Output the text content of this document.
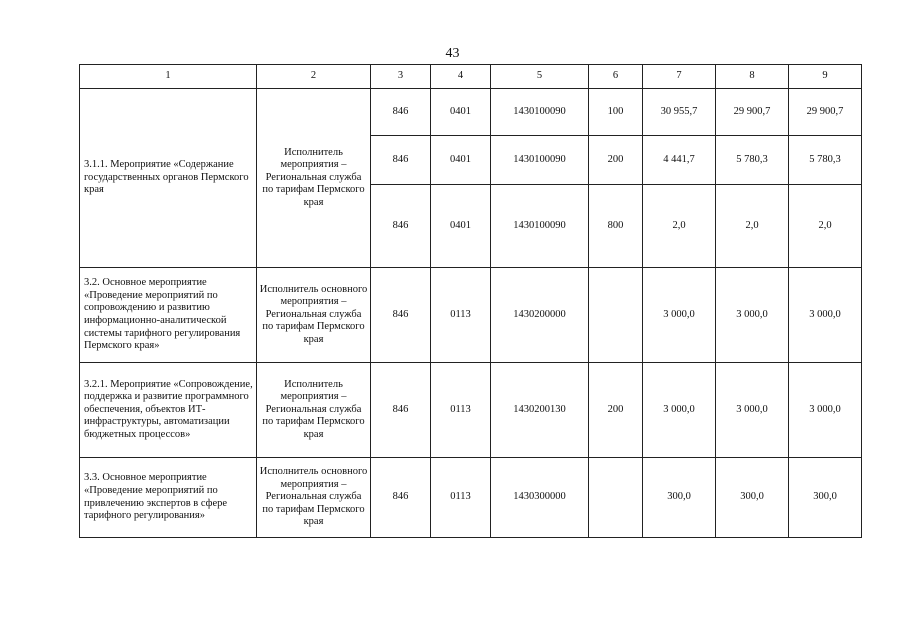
43
1	2	3	4	5	6	7	8	9
3.1.1. Мероприятие «Содержание государственных органов Пермского края	Исполнитель мероприятия – Региональная служба по тарифам Пермского края	846	0401	1430100090	100	30 955,7	29 900,7	29 900,7
		846	0401	1430100090	200	4 441,7	5 780,3	5 780,3
		846	0401	1430100090	800	2,0	2,0	2,0
3.2. Основное мероприятие «Проведение мероприятий по сопровождению и развитию информационно-аналитической системы тарифного регулирования Пермского края»	Исполнитель основного мероприятия – Региональная служба по тарифам Пермского края	846	0113	1430200000		3 000,0	3 000,0	3 000,0
3.2.1. Мероприятие «Сопровождение, поддержка и развитие программного обеспечения, объектов ИТ-инфраструктуры, автоматизации бюджетных процессов»	Исполнитель мероприятия – Региональная служба по тарифам Пермского края	846	0113	1430200130	200	3 000,0	3 000,0	3 000,0
3.3. Основное мероприятие «Проведение мероприятий по привлечению экспертов в сфере тарифного регулирования»	Исполнитель основного мероприятия – Региональная служба по тарифам Пермского края	846	0113	1430300000		300,0	300,0	300,0
